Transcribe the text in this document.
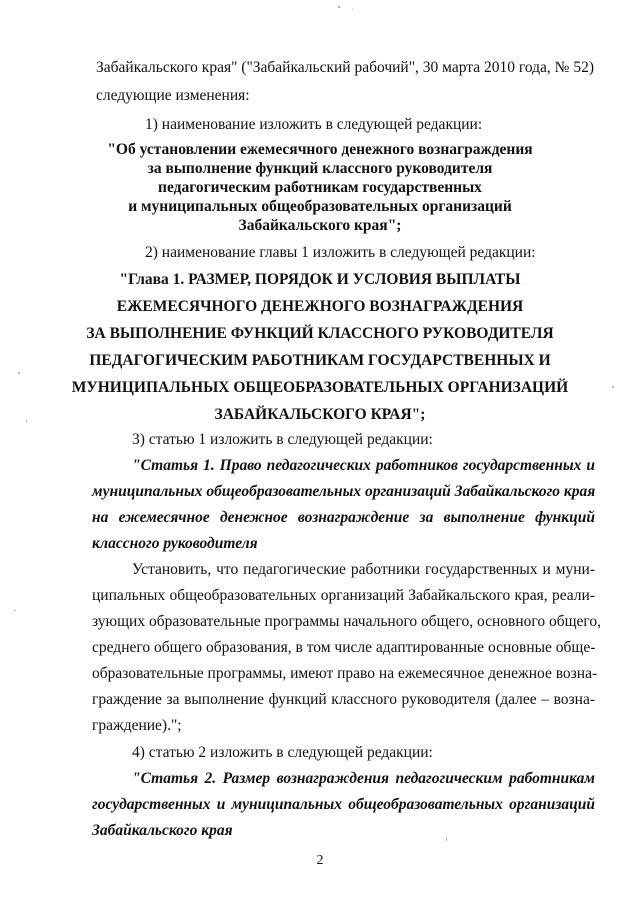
Забайкальского края" ("Забайкальский рабочий", 30 марта 2010 года, № 52)
следующие изменения:
1) наименование изложить в следующей редакции:
"Об установлении ежемесячного денежного вознаграждения
за выполнение функций классного руководителя
педагогическим работникам государственных
и муниципальных общеобразовательных организаций
Забайкальского края";
2) наименование главы 1 изложить в следующей редакции:
"Глава 1. РАЗМЕР, ПОРЯДОК И УСЛОВИЯ ВЫПЛАТЫ
ЕЖЕМЕСЯЧНОГО ДЕНЕЖНОГО ВОЗНАГРАЖДЕНИЯ
ЗА ВЫПОЛНЕНИЕ ФУНКЦИЙ КЛАССНОГО РУКОВОДИТЕЛЯ
ПЕДАГОГИЧЕСКИМ РАБОТНИКАМ ГОСУДАРСТВЕННЫХ И
МУНИЦИПАЛЬНЫХ ОБЩЕОБРАЗОВАТЕЛЬНЫХ ОРГАНИЗАЦИЙ
ЗАБАЙКАЛЬСКОГО КРАЯ";
3) статью 1 изложить в следующей редакции:
"Статья 1. Право педагогических работников государственных и
муниципальных общеобразовательных организаций Забайкальского края
на ежемесячное денежное вознаграждение за выполнение функций
классного руководителя
Установить, что педагогические работники государственных и муни-
ципальных общеобразовательных организаций Забайкальского края, реали-
зующих образовательные программы начального общего, основного общего,
среднего общего образования, в том числе адаптированные основные обще-
образовательные программы, имеют право на ежемесячное денежное возна-
граждение за выполнение функций классного руководителя (далее – возна-
граждение).";
4) статью 2 изложить в следующей редакции:
"Статья 2. Размер вознаграждения педагогическим работникам
государственных и муниципальных общеобразовательных организаций
Забайкальского края
2
